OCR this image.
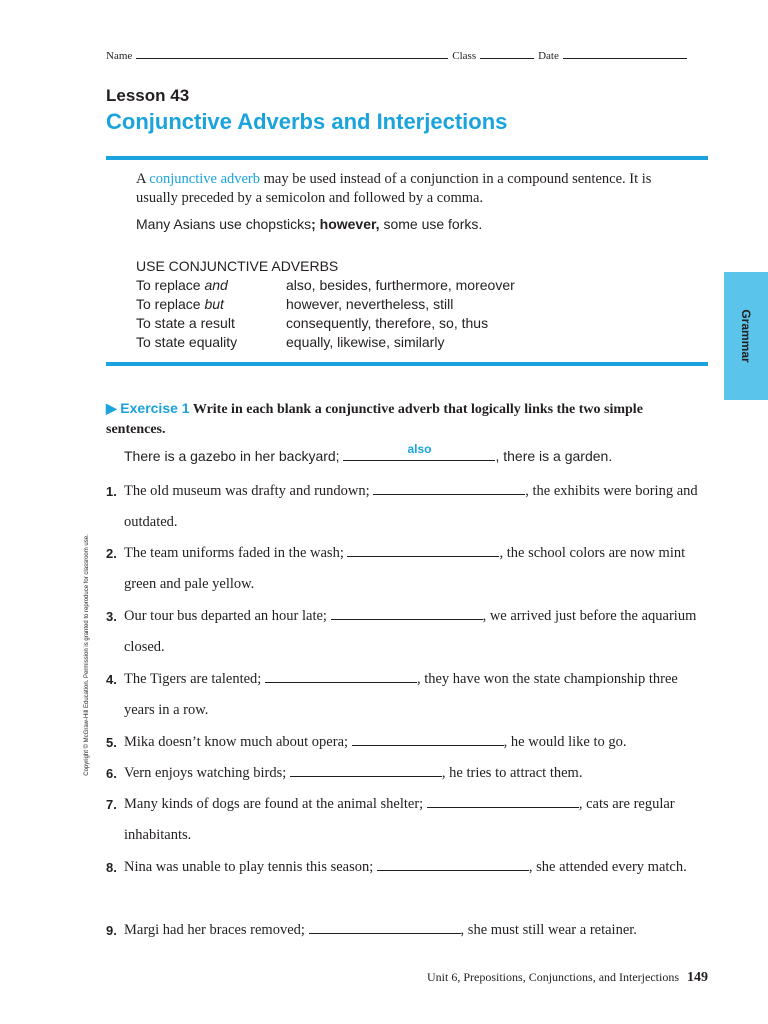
Name	Class	Date
Lesson 43
Conjunctive Adverbs and Interjections
A conjunctive adverb may be used instead of a conjunction in a compound sentence. It is usually preceded by a semicolon and followed by a comma.
Many Asians use chopsticks; however, some use forks.
USE CONJUNCTIVE ADVERBS
To replace and	also, besides, furthermore, moreover
To replace but	however, nevertheless, still
To state a result	consequently, therefore, so, thus
To state equality	equally, likewise, similarly	Grammar
▶ Exercise 1 Write in each blank a conjunctive adverb that logically links the two simple sentences.
There is a gazebo in her backyard;	also	, there is a garden.
1. The old museum was drafty and rundown;	, the exhibits were boring and outdated.
2. The team uniforms faded in the wash;	, the school colors are now mint green and pale yellow.
3. Our tour bus departed an hour late;	, we arrived just before the aquarium closed.
4. The Tigers are talented;	, they have won the state championship three years in a row.
5. Mika doesn’t know much about opera;	, he would like to go.
6. Vern enjoys watching birds;	, he tries to attract them.
7. Many kinds of dogs are found at the animal shelter;	, cats are regular inhabitants.
8. Nina was unable to play tennis this season;	, she attended every match.
9. Margi had her braces removed;	, she must still wear a retainer.
Copyright © McGraw-Hill Education. Permission is granted to reproduce for classroom use.
Unit 6, Prepositions, Conjunctions, and Interjections 149
